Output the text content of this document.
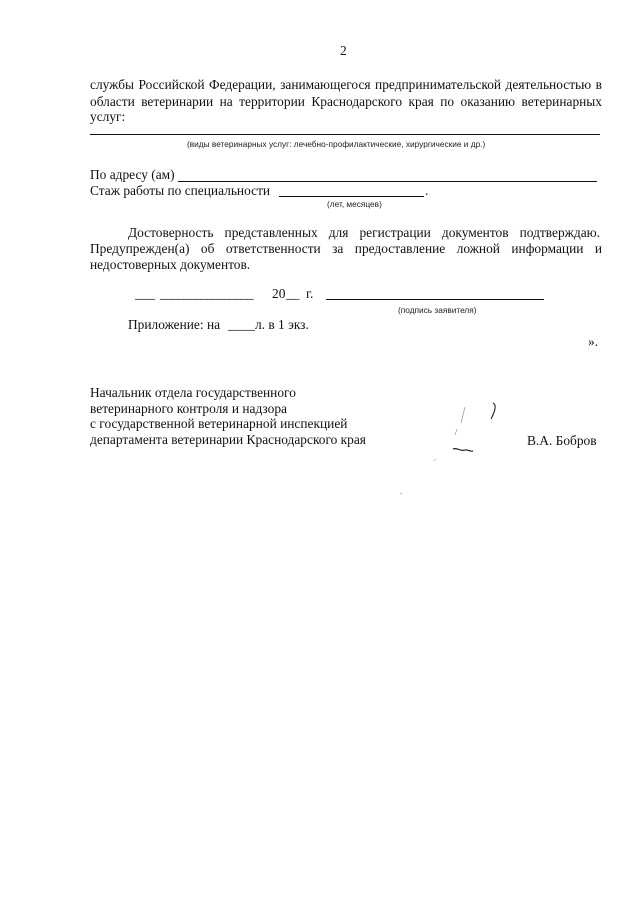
2
службы Российской Федерации, занимающегося предпринимательской деятельностью в
области ветеринарии на территории Краснодарского края по оказанию ветеринарных
услуг:
(виды ветеринарных услуг: лечебно-профилактические, хирургические и др.)
По адресу (ам)
Стаж работы по специальности	.
(лет, месяцев)
Достоверность представленных для регистрации документов подтверждаю.
Предупрежден(а) об ответственности за предоставление ложной информации и
недостоверных документов.
___ ________________ 20 __ г.
(подпись заявителя)
Приложение: на ____ л. в 1 экз.
».
Начальник отдела государственного
ветеринарного контроля и надзора
с государственной ветеринарной инспекцией
департамента ветеринарии Краснодарского края	В.А. Бобров
